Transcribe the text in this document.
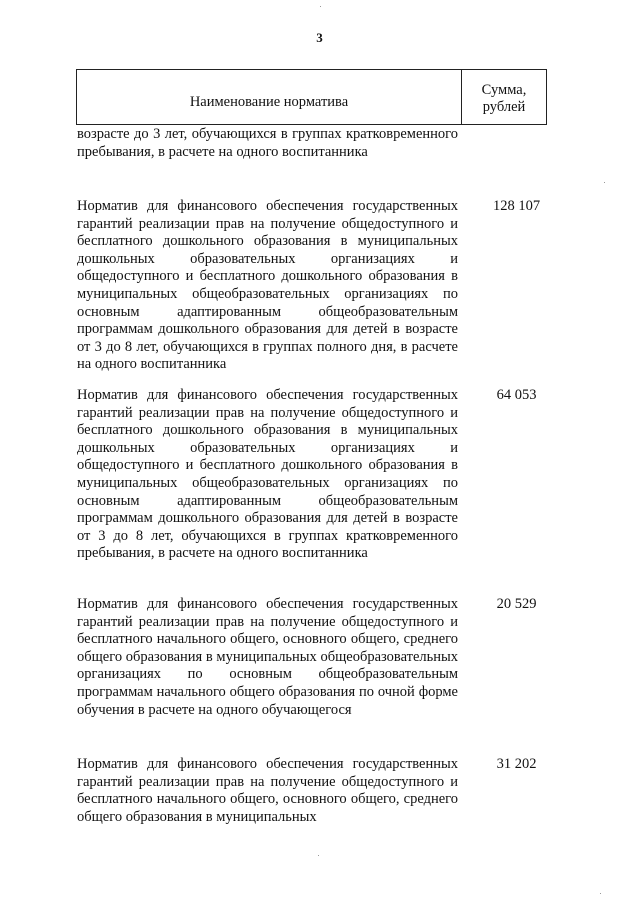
3
Наименование норматива
Сумма,
рублей

возрасте до 3 лет, обучающихся в группах кратковременного пребывания, в расчете на одного воспитанника

Норматив для финансового обеспечения государственных гарантий реализации прав на получение общедоступного и бесплатного дошкольного образования в муниципальных дошкольных образовательных организациях и общедоступного и бесплатного дошкольного образования в муниципальных общеобразовательных организациях по основным адаптированным общеобразовательным программам дошкольного образования для детей в возрасте от 3 до 8 лет, обучающихся в группах полного дня, в расчете на одного воспитанника

128 107

Норматив для финансового обеспечения государственных гарантий реализации прав на получение общедоступного и бесплатного дошкольного образования в муниципальных дошкольных образовательных организациях и общедоступного и бесплатного дошкольного образования в муниципальных общеобразовательных организациях по основным адаптированным общеобразовательным программам дошкольного образования для детей в возрасте от 3 до 8 лет, обучающихся в группах кратковременного пребывания, в расчете на одного воспитанника

64 053

Норматив для финансового обеспечения государственных гарантий реализации прав на получение общедоступного и бесплатного начального общего, основного общего, среднего общего образования в муниципальных общеобразовательных организациях по основным общеобразовательным программам начального общего образования по очной форме обучения в расчете на одного обучающегося

20 529

Норматив для финансового обеспечения государственных гарантий реализации прав на получение общедоступного и бесплатного начального общего, основного общего, среднего общего образования в муниципальных

31 202
